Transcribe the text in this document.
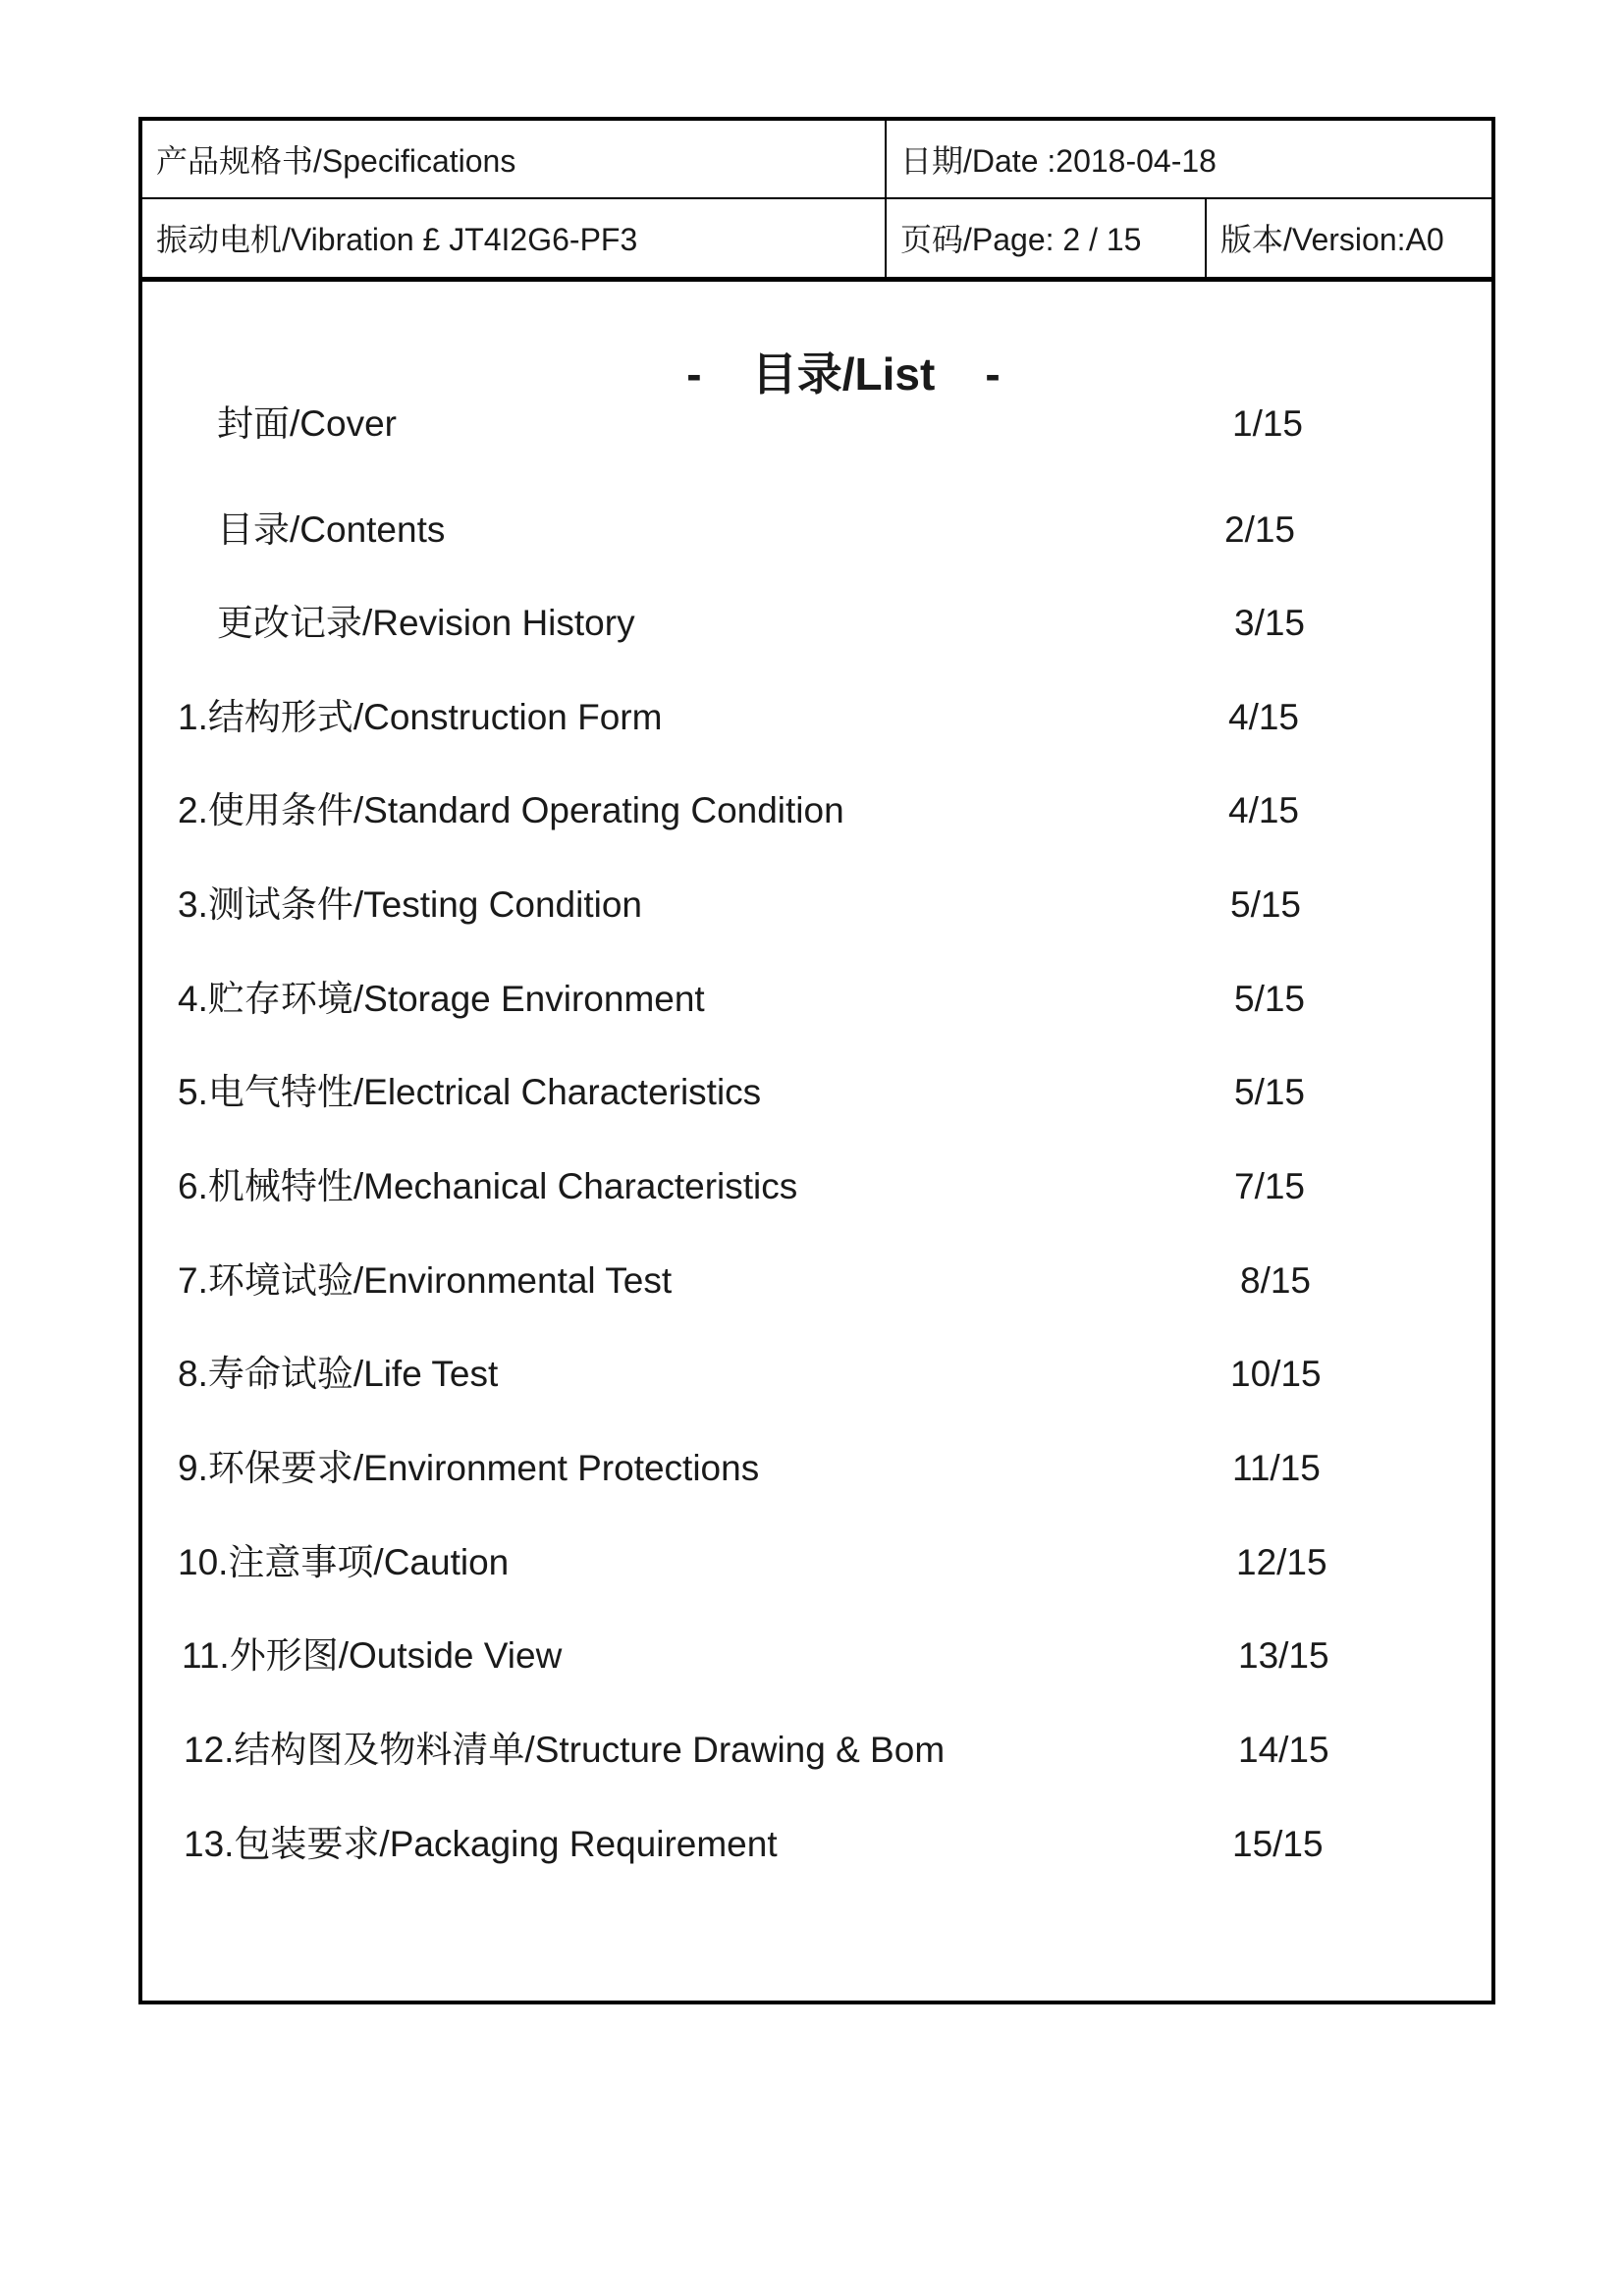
产品规格书/Specifications	日期/Date :2018-04-18
振动电机/Vibration £ JT4I2G6-PF3	页码/Page: 2 / 15	版本/Version:A0
-    目录/List    -
封面/Cover	1/15
目录/Contents	2/15
更改记录/Revision History	3/15
1.结构形式/Construction Form	4/15
2.使用条件/Standard Operating Condition	4/15
3.测试条件/Testing Condition	5/15
4.贮存环境/Storage Environment	5/15
5.电气特性/Electrical Characteristics	5/15
6.机械特性/Mechanical Characteristics	7/15
7.环境试验/Environmental Test	8/15
8.寿命试验/Life Test	10/15
9.环保要求/Environment Protections	11/15
10.注意事项/Caution	12/15
11.外形图/Outside View	13/15
12.结构图及物料清单/Structure Drawing & Bom	14/15
13.包装要求/Packaging Requirement	15/15
